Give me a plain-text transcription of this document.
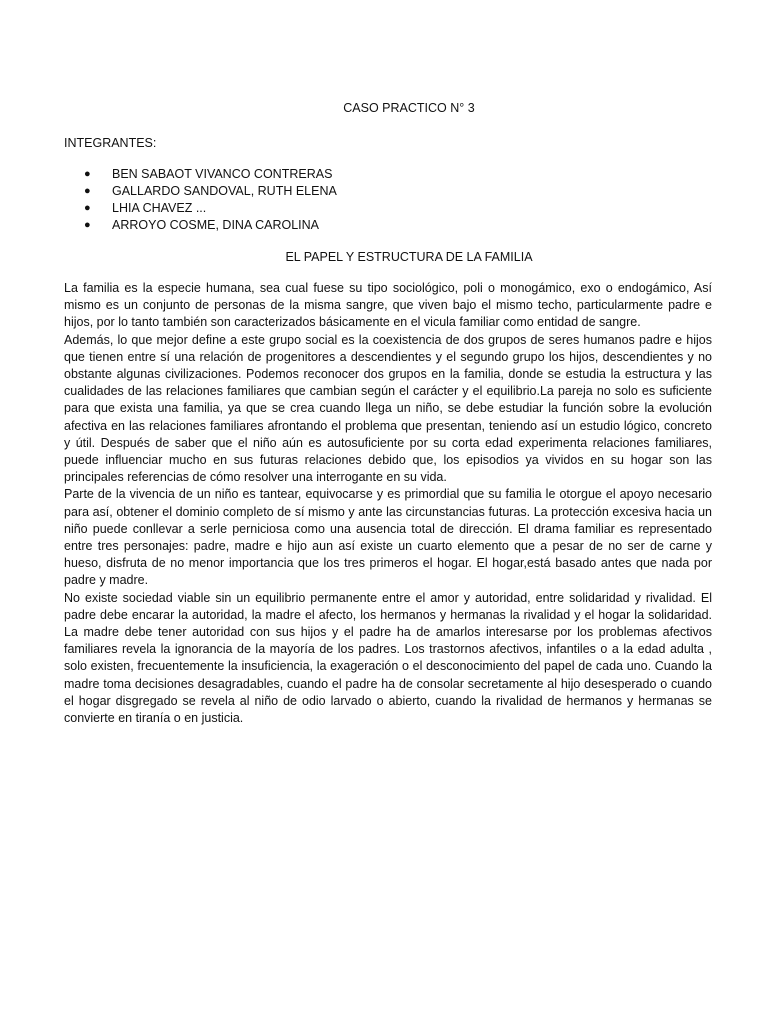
CASO PRACTICO N° 3
INTEGRANTES:
● BEN SABAOT VIVANCO CONTRERAS
● GALLARDO SANDOVAL, RUTH ELENA
● LHIA CHAVEZ ...
● ARROYO COSME, DINA CAROLINA
EL PAPEL Y ESTRUCTURA DE LA FAMILIA

La familia es la especie humana, sea cual fuese su tipo sociológico, poli o monogámico, exo o endogámico, Así mismo es un conjunto de personas de la misma sangre, que viven bajo el mismo techo, particularmente padre e hijos, por lo tanto también son caracterizados básicamente en el vicula familiar como entidad de sangre.

Además, lo que mejor define a este grupo social es la coexistencia de dos grupos de seres humanos padre e hijos que tienen entre sí una relación de progenitores a descendientes y el segundo grupo los hijos, descendientes y no obstante algunas civilizaciones. Podemos reconocer dos grupos en la familia, donde se estudia la estructura y las cualidades de las relaciones familiares que cambian según el carácter y el equilibrio.La pareja no solo es suficiente para que exista una familia, ya que se crea cuando llega un niño, se debe estudiar la función sobre la evolución afectiva en las relaciones familiares afrontando el problema que presentan, teniendo así un estudio lógico, concreto y útil. Después de saber que el niño aún es autosuficiente por su corta edad experimenta relaciones familiares, puede influenciar mucho en sus futuras relaciones debido que, los episodios ya vividos en su hogar son las principales referencias de cómo resolver una interrogante en su vida.

Parte de la vivencia de un niño es tantear, equivocarse y es primordial que su familia le otorgue el apoyo necesario para así, obtener el dominio completo de sí mismo y ante las circunstancias futuras. La protección excesiva hacia un niño puede conllevar a serle perniciosa como una ausencia total de dirección. El drama familiar es representado entre tres personajes: padre, madre e hijo aun así existe un cuarto elemento que a pesar de no ser de carne y hueso, disfruta de no menor importancia que los tres primeros el hogar. El hogar,está basado antes que nada por padre y madre.

No existe sociedad viable sin un equilibrio permanente entre el amor y autoridad, entre solidaridad y rivalidad. El padre debe encarar la autoridad, la madre el afecto, los hermanos y hermanas la rivalidad y el hogar la solidaridad. La madre debe tener autoridad con sus hijos y el padre ha de amarlos interesarse por los problemas afectivos familiares revela la ignorancia de la mayoría de los padres. Los trastornos afectivos, infantiles o a la edad adulta , solo existen, frecuentemente la insuficiencia, la exageración o el desconocimiento del papel de cada uno. Cuando la madre toma decisiones desagradables, cuando el padre ha de consolar secretamente al hijo desesperado o cuando el hogar disgregado se revela al niño de odio larvado o abierto, cuando la rivalidad de hermanos y hermanas se convierte en tiranía o en justicia.
